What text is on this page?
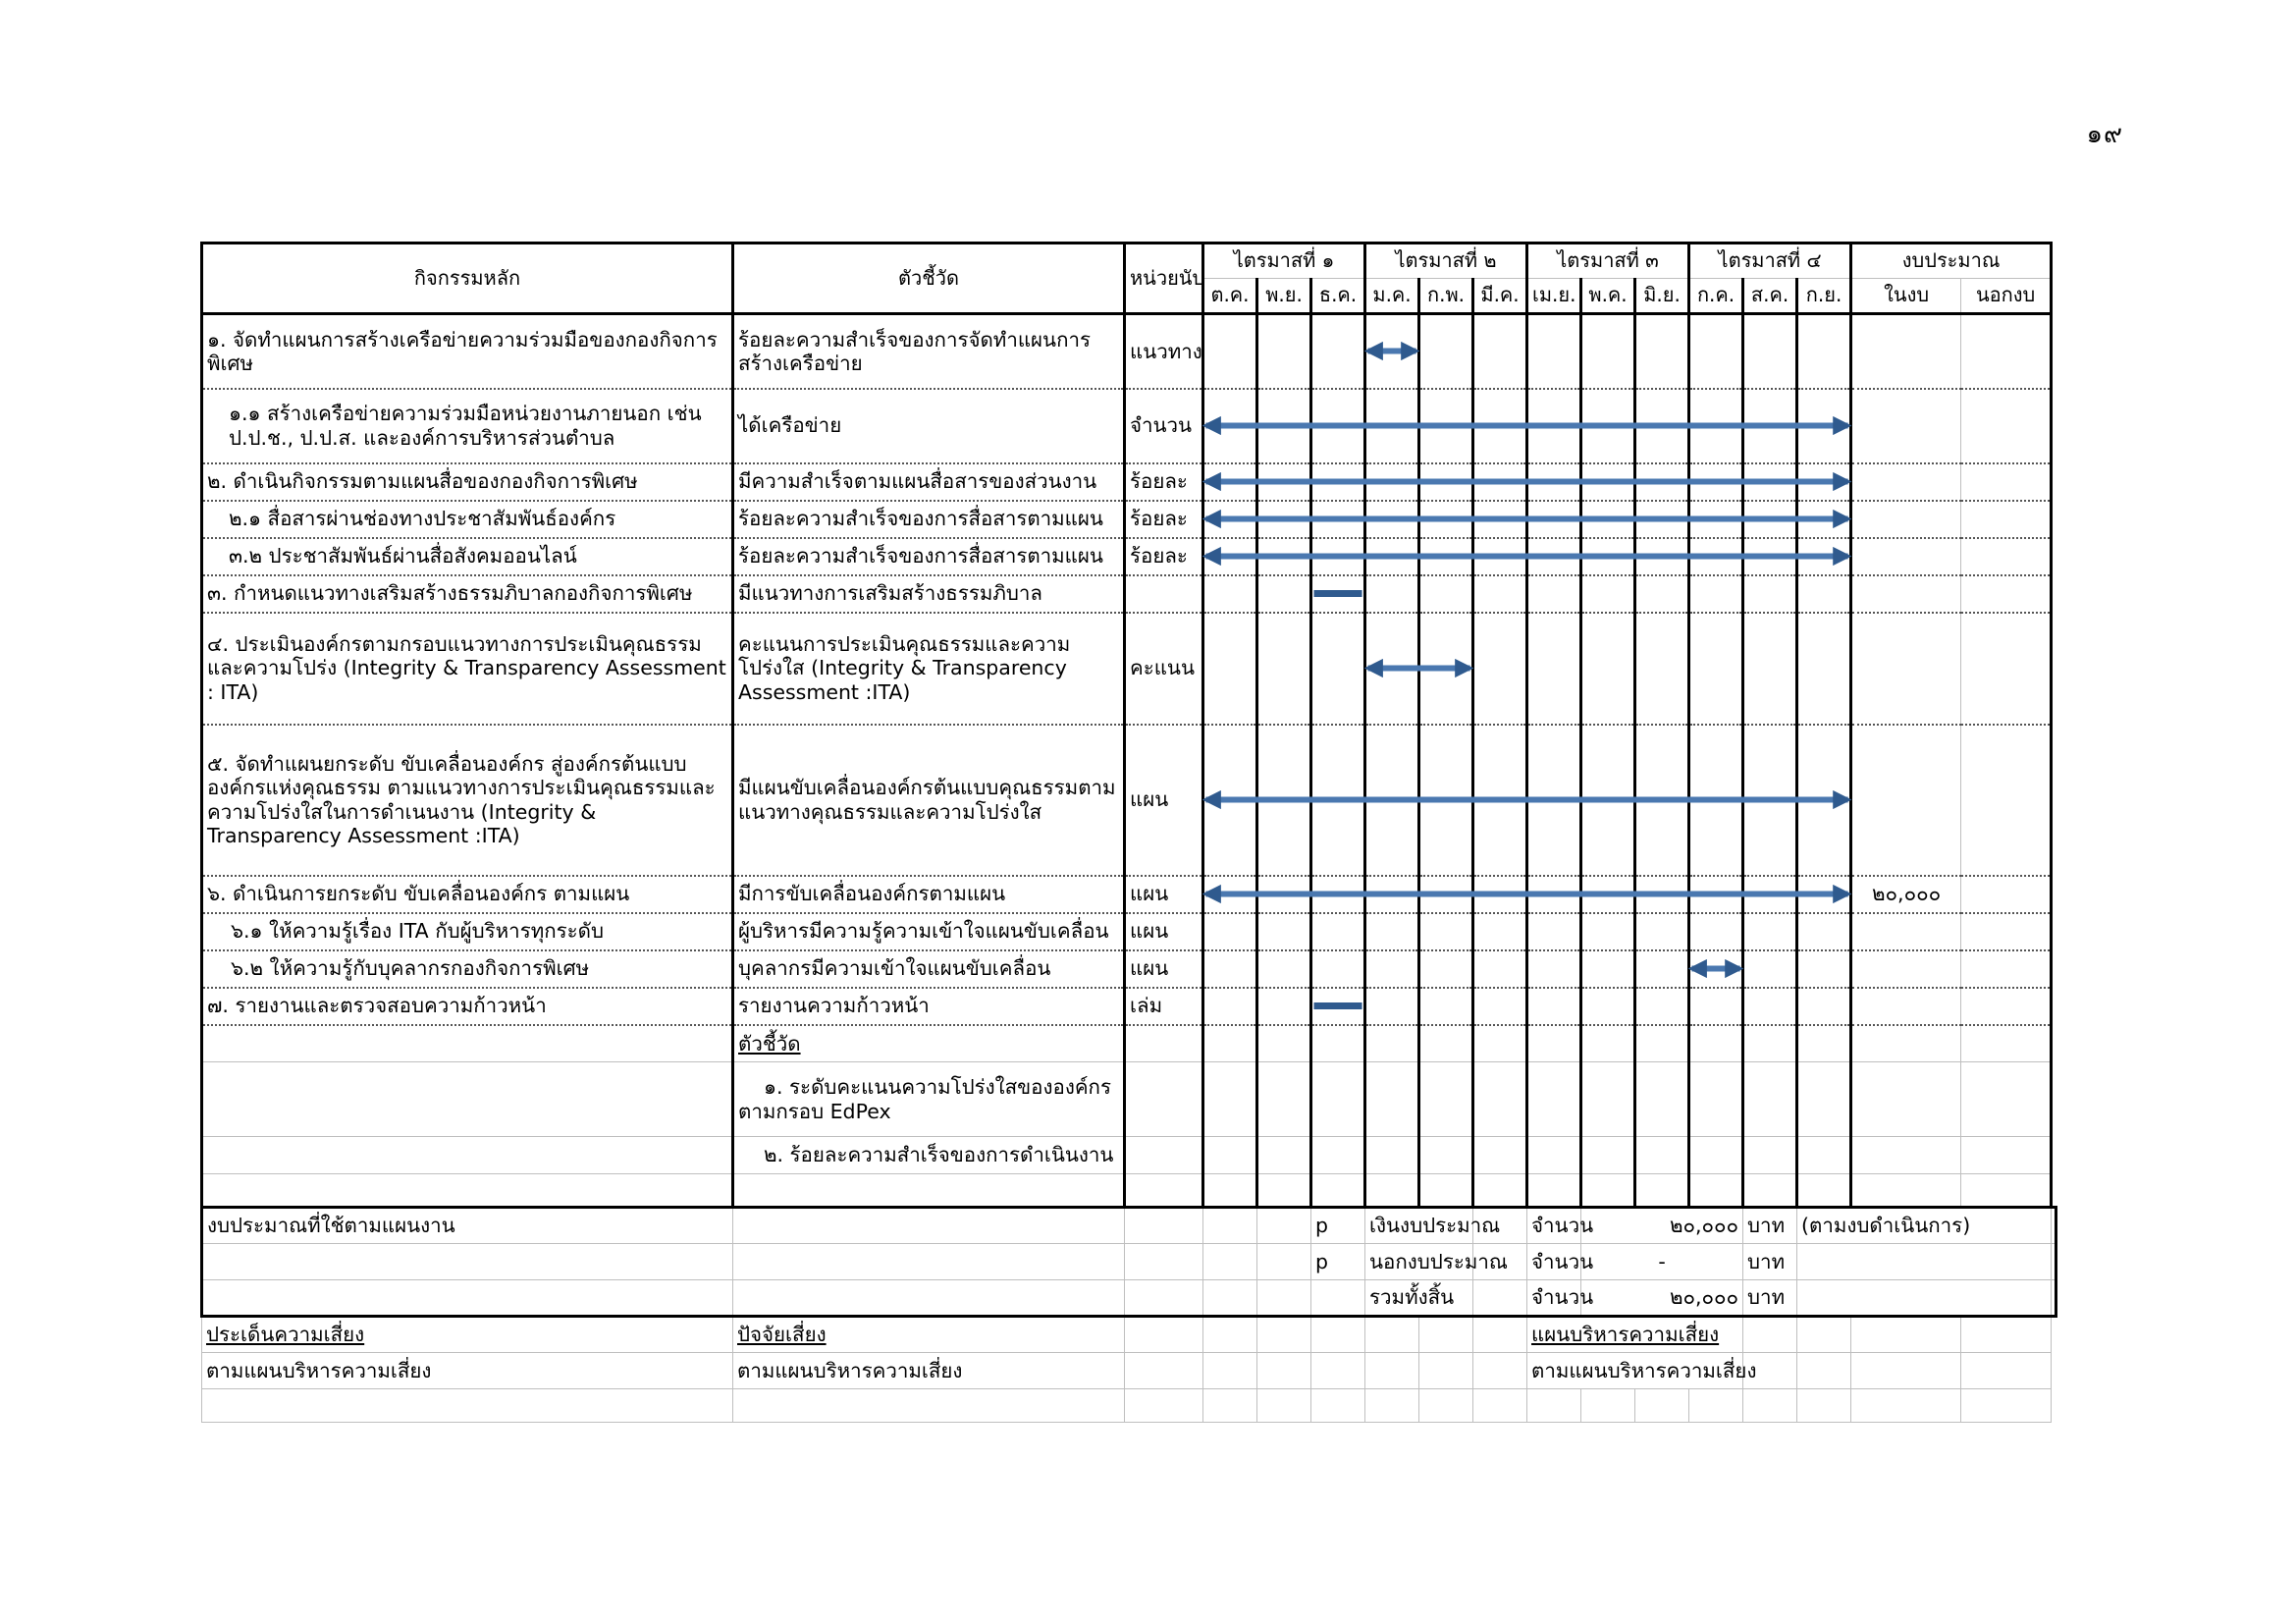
๑๙
กิจกรรมหลัก	ตัวชี้วัด	หน่วยนับ	ไตรมาสที่ ๑			ไตรมาสที่ ๒			ไตรมาสที่ ๓			ไตรมาสที่ ๔			งบประมาณ		
			ต.ค.	พ.ย.	ธ.ค.	ม.ค.	ก.พ.	มี.ค.	เม.ย.	พ.ค.	มิ.ย.	ก.ค.	ส.ค.	ก.ย.	ในงบ	นอกงบ	
๑. จัดทำแผนการสร้างเครือข่ายความร่วมมือของกองกิจการพิเศษ	ร้อยละความสำเร็จของการจัดทำแผนการสร้างเครือข่าย	แนวทาง															
๑.๑ สร้างเครือข่ายความร่วมมือหน่วยงานภายนอก เช่น ป.ป.ช., ป.ป.ส. และองค์การบริหารส่วนตำบล	ได้เครือข่าย	จำนวน															
๒. ดำเนินกิจกรรมตามแผนสื่อของกองกิจการพิเศษ	มีความสำเร็จตามแผนสื่อสารของส่วนงาน	ร้อยละ															
๒.๑ สื่อสารผ่านช่องทางประชาสัมพันธ์องค์กร	ร้อยละความสำเร็จของการสื่อสารตามแผน	ร้อยละ															
๓.๒ ประชาสัมพันธ์ผ่านสื่อสังคมออนไลน์	ร้อยละความสำเร็จของการสื่อสารตามแผน	ร้อยละ															
๓. กำหนดแนวทางเสริมสร้างธรรมภิบาลกองกิจการพิเศษ	มีแนวทางการเสริมสร้างธรรมภิบาล																
๔. ประเมินองค์กรตามกรอบแนวทางการประเมินคุณธรรมและความโปร่ง (Integrity & Transparency Assessment : ITA)	คะแนนการประเมินคุณธรรมและความโปร่งใส (Integrity & Transparency Assessment :ITA)	คะแนน															
๕. จัดทำแผนยกระดับ ขับเคลื่อนองค์กร สู่องค์กรต้นแบบองค์กรแห่งคุณธรรม ตามแนวทางการประเมินคุณธรรมและความโปร่งใสในการดำเนนงาน (Integrity & Transparency Assessment :ITA)	มีแผนขับเคลื่อนองค์กรต้นแบบคุณธรรมตามแนวทางคุณธรรมและความโปร่งใส	แผน															
๖. ดำเนินการยกระดับ ขับเคลื่อนองค์กร ตามแผน	มีการขับเคลื่อนองค์กรตามแผน	แผน													๒๐,๐๐๐		
๖.๑ ให้ความรู้เรื่อง ITA กับผู้บริหารทุกระดับ	ผู้บริหารมีความรู้ความเข้าใจแผนขับเคลื่อน	แผน															
๖.๒ ให้ความรู้กับบุคลากรกองกิจการพิเศษ	บุคลากรมีความเข้าใจแผนขับเคลื่อน	แผน															
๗. รายงานและตรวจสอบความก้าวหน้า	รายงานความก้าวหน้า	เล่ม															
	ตัวชี้วัด																
	๑. ระดับคะแนนความโปร่งใสขององค์กรตามกรอบ EdPex																
	๒. ร้อยละความสำเร็จของการดำเนินงาน																

งบประมาณที่ใช้ตามแผนงาน					p	เงินงบประมาณ			จำนวน	๒๐,๐๐๐			บาท	(ตามงบดำเนินการ)			
					p	นอกงบประมาณ			จำนวน	-			บาท				
						รวมทั้งสิ้น			จำนวน	๒๐,๐๐๐			บาท				
ประเด็นความเสี่ยง	ปัจจัยเสี่ยง								แผนบริหารความเสี่ยง								
ตามแผนบริหารความเสี่ยง	ตามแผนบริหารความเสี่ยง								ตามแผนบริหารความเสี่ยง								
